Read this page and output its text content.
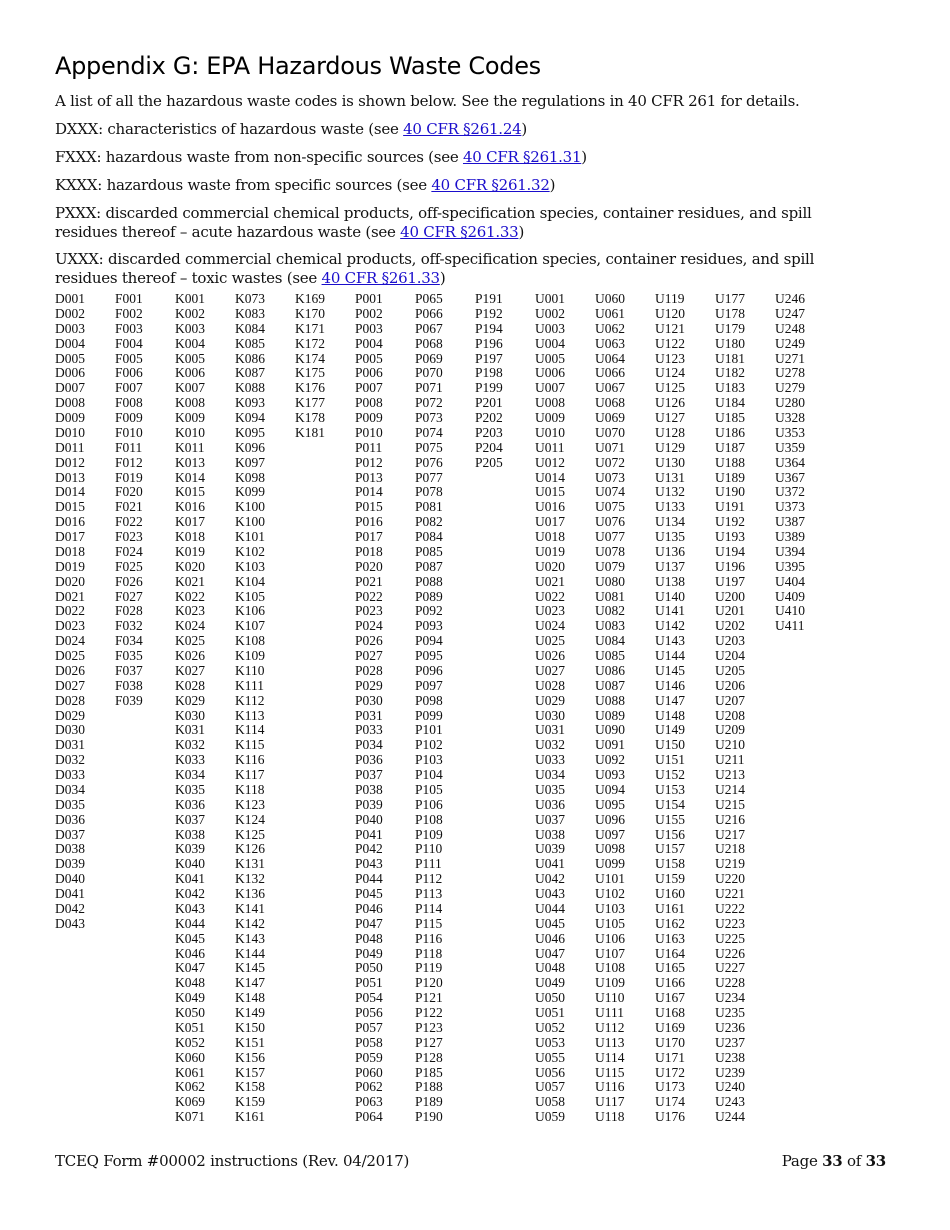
Appendix G: EPA Hazardous Waste Codes

A list of all the hazardous waste codes is shown below. See the regulations in 40 CFR 261 for details.

DXXX: characteristics of hazardous waste (see 40 CFR §261.24)

FXXX: hazardous waste from non-specific sources (see 40 CFR §261.31)

KXXX: hazardous waste from specific sources (see 40 CFR §261.32)

PXXX: discarded commercial chemical products, off-specification species, container residues, and spill residues thereof – acute hazardous waste (see 40 CFR §261.33)

UXXX: discarded commercial chemical products, off-specification species, container residues, and spill residues thereof – toxic wastes (see 40 CFR §261.33)

D001
D002
D003
D004
D005
D006
D007
D008
D009
D010
D011
D012
D013
D014
D015
D016
D017
D018
D019
D020
D021
D022
D023
D024
D025
D026
D027
D028
D029
D030
D031
D032
D033
D034
D035
D036
D037
D038
D039
D040
D041
D042
D043
F001
F002
F003
F004
F005
F006
F007
F008
F009
F010
F011
F012
F019
F020
F021
F022
F023
F024
F025
F026
F027
F028
F032
F034
F035
F037
F038
F039
K001
K002
K003
K004
K005
K006
K007
K008
K009
K010
K011
K013
K014
K015
K016
K017
K018
K019
K020
K021
K022
K023
K024
K025
K026
K027
K028
K029
K030
K031
K032
K033
K034
K035
K036
K037
K038
K039
K040
K041
K042
K043
K044
K045
K046
K047
K048
K049
K050
K051
K052
K060
K061
K062
K069
K071
K073
K083
K084
K085
K086
K087
K088
K093
K094
K095
K096
K097
K098
K099
K100
K100
K101
K102
K103
K104
K105
K106
K107
K108
K109
K110
K111
K112
K113
K114
K115
K116
K117
K118
K123
K124
K125
K126
K131
K132
K136
K141
K142
K143
K144
K145
K147
K148
K149
K150
K151
K156
K157
K158
K159
K161
K169
K170
K171
K172
K174
K175
K176
K177
K178
K181
P001
P002
P003
P004
P005
P006
P007
P008
P009
P010
P011
P012
P013
P014
P015
P016
P017
P018
P020
P021
P022
P023
P024
P026
P027
P028
P029
P030
P031
P033
P034
P036
P037
P038
P039
P040
P041
P042
P043
P044
P045
P046
P047
P048
P049
P050
P051
P054
P056
P057
P058
P059
P060
P062
P063
P064
P065
P066
P067
P068
P069
P070
P071
P072
P073
P074
P075
P076
P077
P078
P081
P082
P084
P085
P087
P088
P089
P092
P093
P094
P095
P096
P097
P098
P099
P101
P102
P103
P104
P105
P106
P108
P109
P110
P111
P112
P113
P114
P115
P116
P118
P119
P120
P121
P122
P123
P127
P128
P185
P188
P189
P190
P191
P192
P194
P196
P197
P198
P199
P201
P202
P203
P204
P205
U001
U002
U003
U004
U005
U006
U007
U008
U009
U010
U011
U012
U014
U015
U016
U017
U018
U019
U020
U021
U022
U023
U024
U025
U026
U027
U028
U029
U030
U031
U032
U033
U034
U035
U036
U037
U038
U039
U041
U042
U043
U044
U045
U046
U047
U048
U049
U050
U051
U052
U053
U055
U056
U057
U058
U059
U060
U061
U062
U063
U064
U066
U067
U068
U069
U070
U071
U072
U073
U074
U075
U076
U077
U078
U079
U080
U081
U082
U083
U084
U085
U086
U087
U088
U089
U090
U091
U092
U093
U094
U095
U096
U097
U098
U099
U101
U102
U103
U105
U106
U107
U108
U109
U110
U111
U112
U113
U114
U115
U116
U117
U118
U119
U120
U121
U122
U123
U124
U125
U126
U127
U128
U129
U130
U131
U132
U133
U134
U135
U136
U137
U138
U140
U141
U142
U143
U144
U145
U146
U147
U148
U149
U150
U151
U152
U153
U154
U155
U156
U157
U158
U159
U160
U161
U162
U163
U164
U165
U166
U167
U168
U169
U170
U171
U172
U173
U174
U176
U177
U178
U179
U180
U181
U182
U183
U184
U185
U186
U187
U188
U189
U190
U191
U192
U193
U194
U196
U197
U200
U201
U202
U203
U204
U205
U206
U207
U208
U209
U210
U211
U213
U214
U215
U216
U217
U218
U219
U220
U221
U222
U223
U225
U226
U227
U228
U234
U235
U236
U237
U238
U239
U240
U243
U244
U246
U247
U248
U249
U271
U278
U279
U280
U328
U353
U359
U364
U367
U372
U373
U387
U389
U394
U395
U404
U409
U410
U411
TCEQ Form #00002 instructions (Rev. 04/2017)	Page 33 of 33
